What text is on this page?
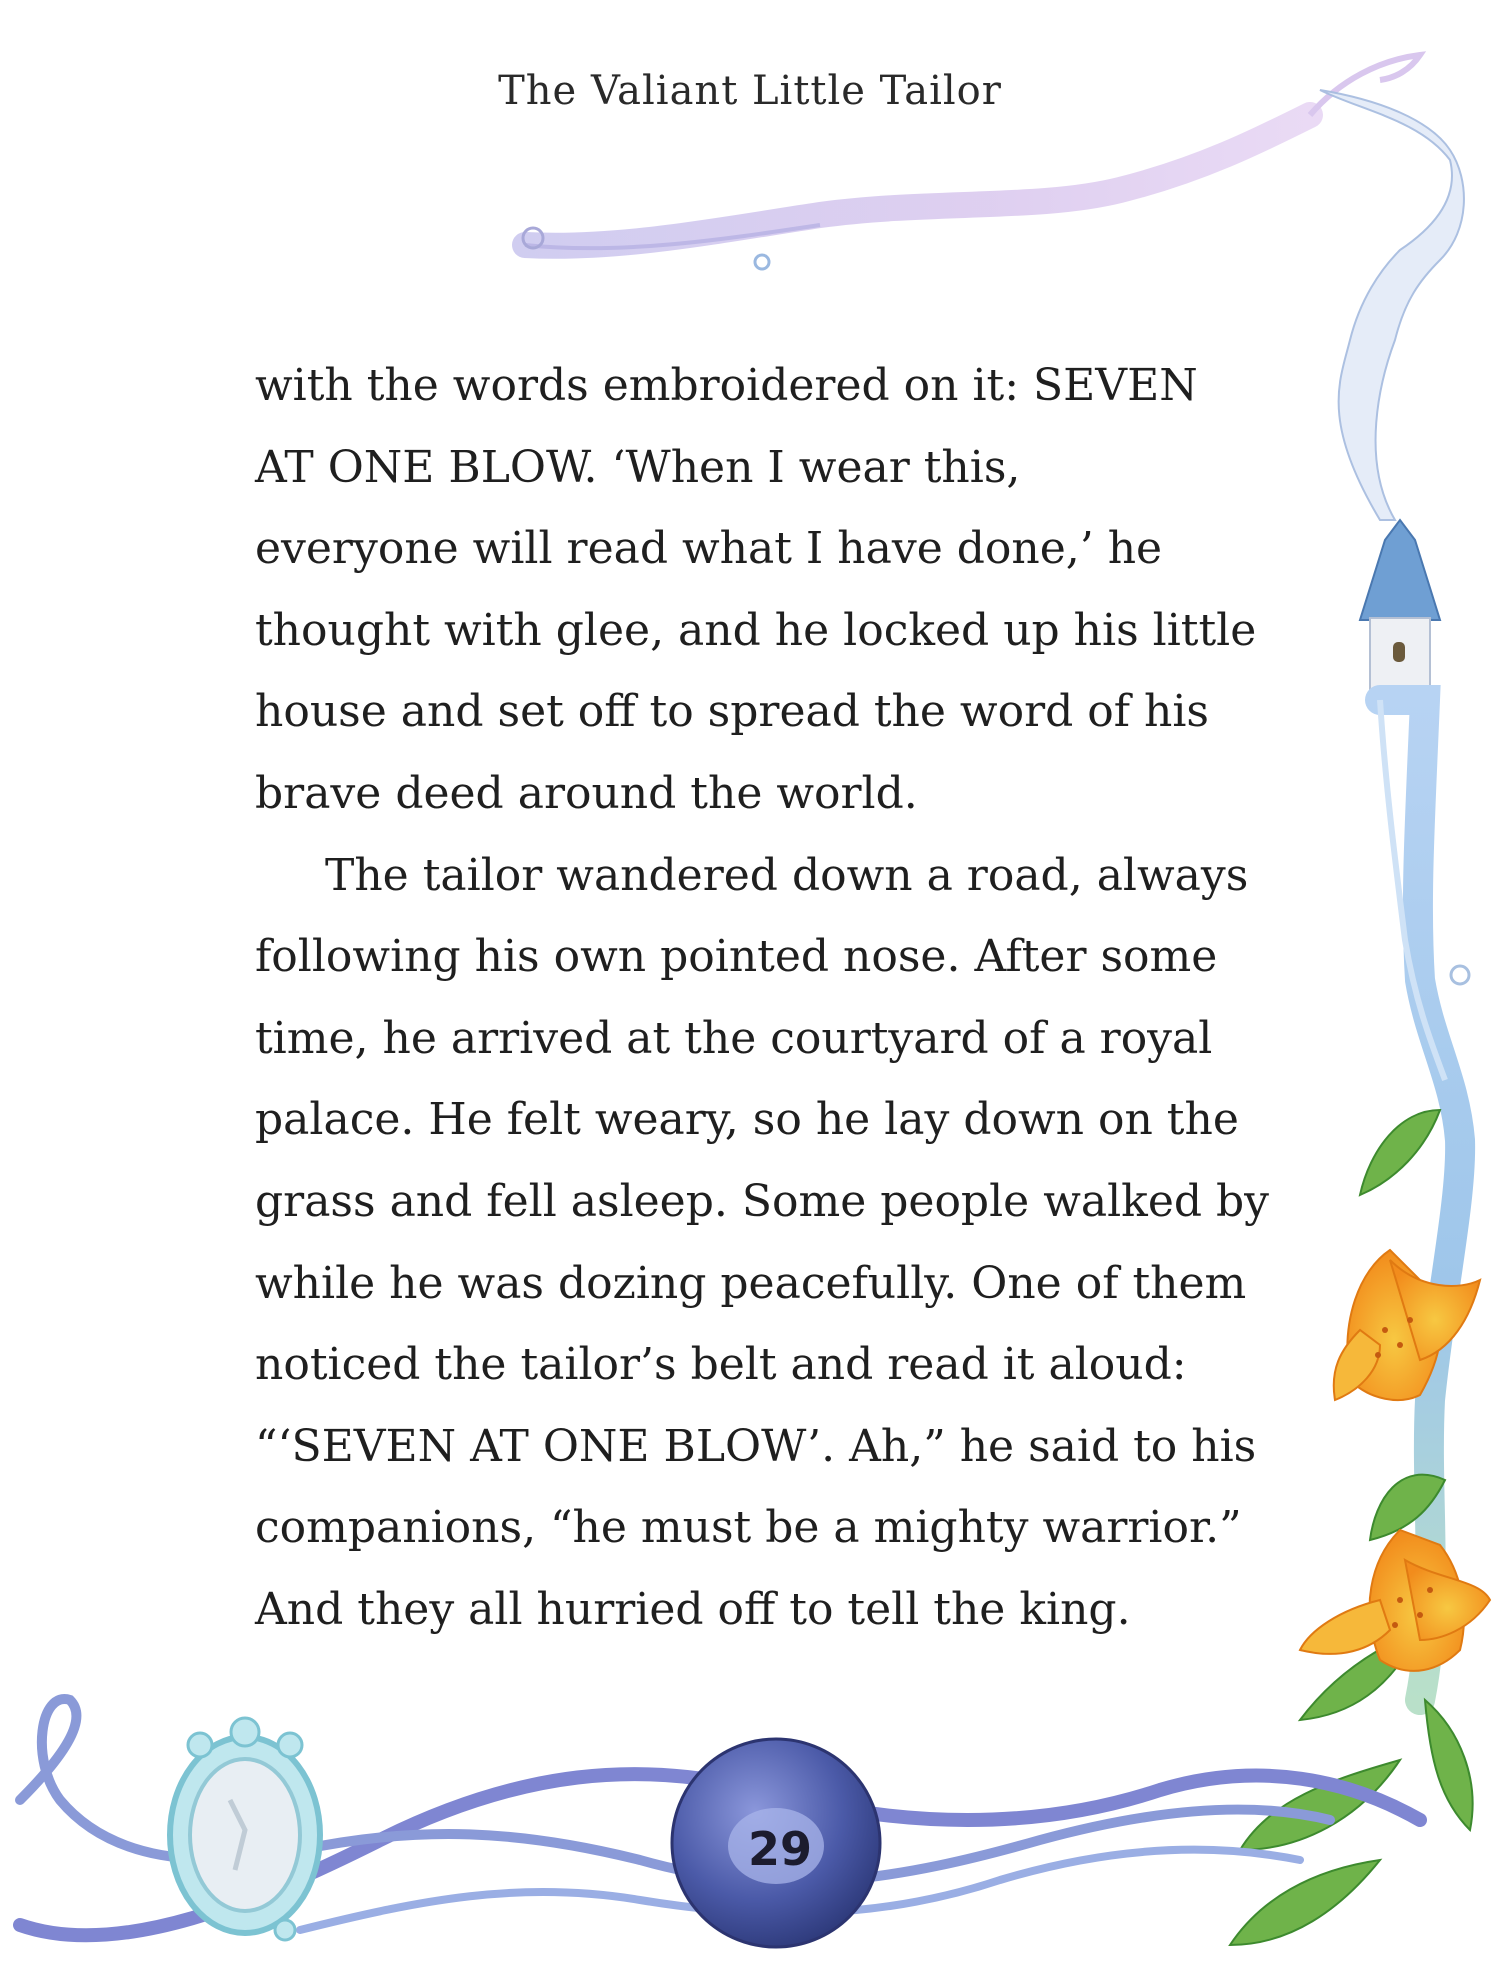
The Valiant Little Tailor
with the words embroidered on it: SEVEN
AT ONE BLOW. ‘When I wear this,
everyone will read what I have done,’ he
thought with glee, and he locked up his little
house and set off to spread the word of his
brave deed around the world.
The tailor wandered down a road, always
following his own pointed nose. After some
time, he arrived at the courtyard of a royal
palace. He felt weary, so he lay down on the
grass and fell asleep. Some people walked by
while he was dozing peacefully. One of them
noticed the tailor’s belt and read it aloud:
“‘SEVEN AT ONE BLOW’. Ah,” he said to his
companions, “he must be a mighty warrior.”
And they all hurried off to tell the king.
29
